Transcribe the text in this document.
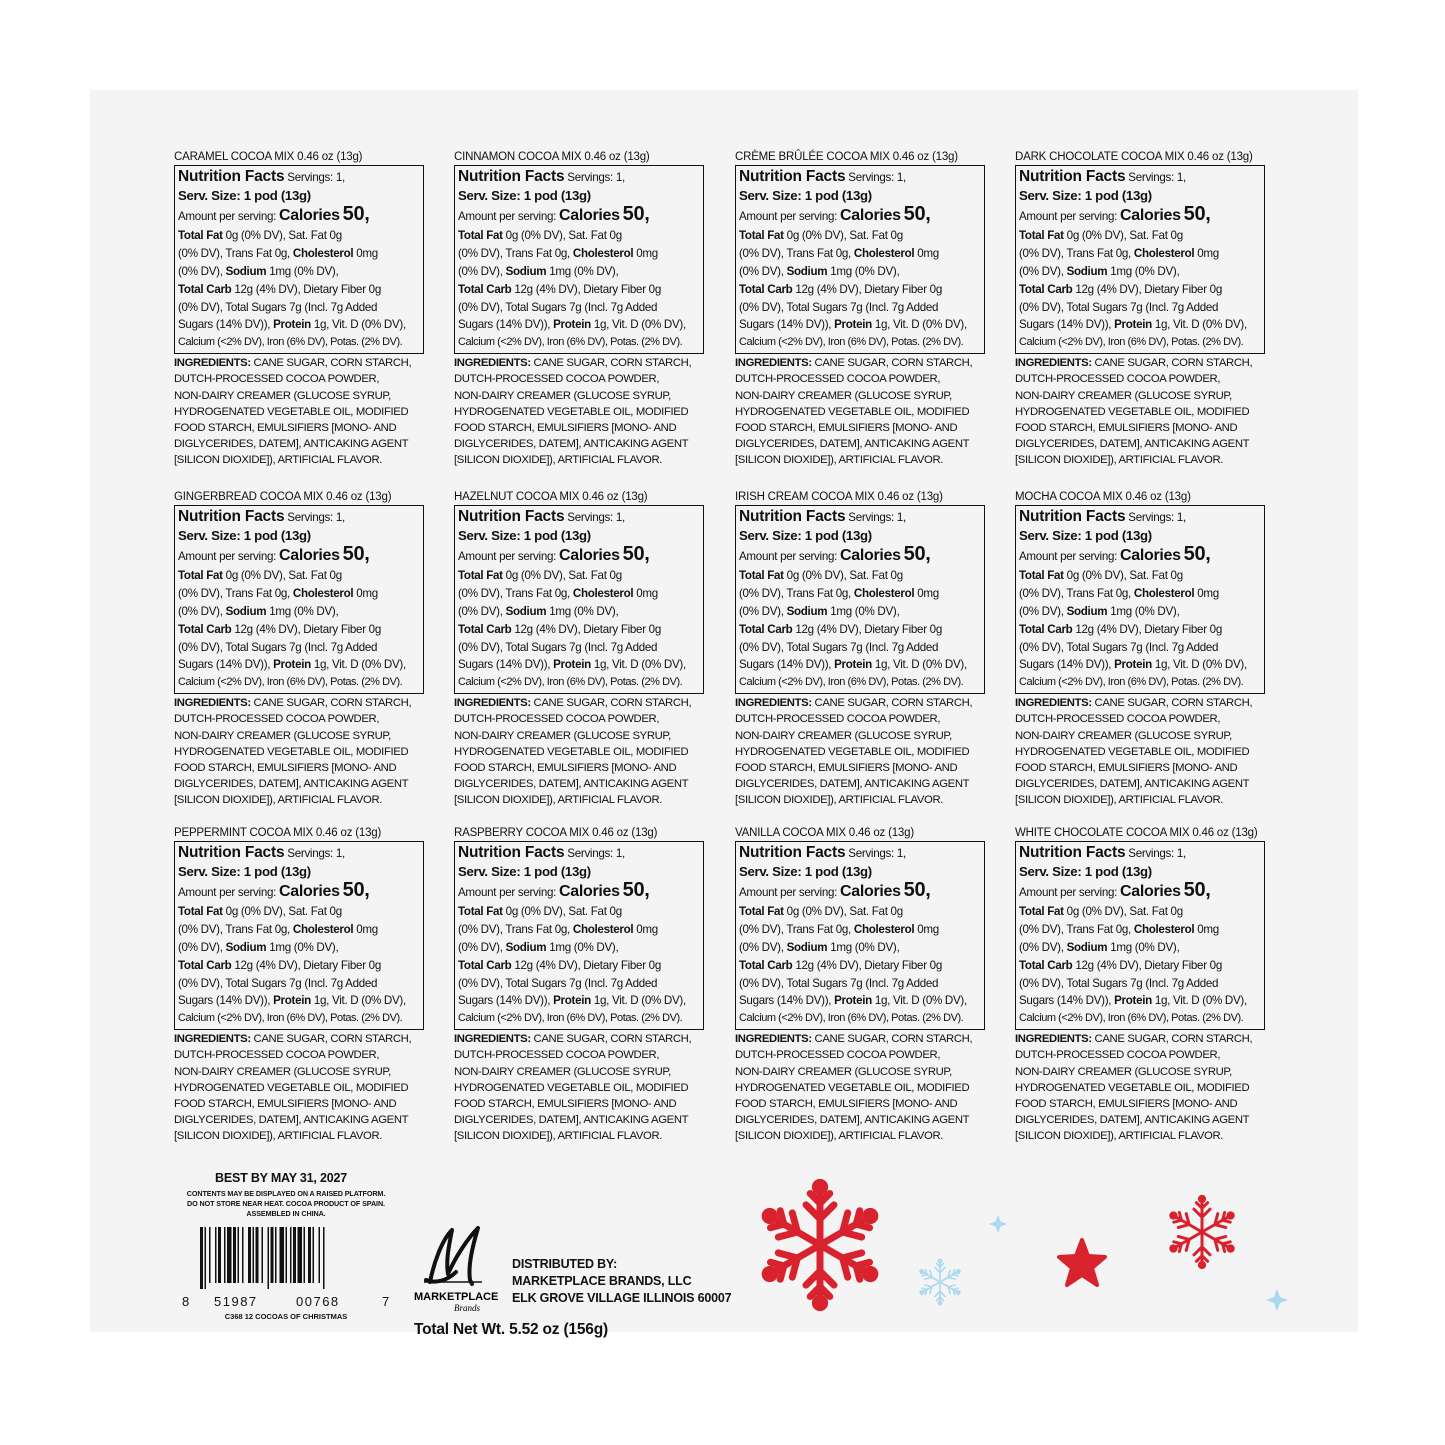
CARAMEL COCOA MIX 0.46 oz (13g)
Nutrition Facts Servings: 1,
Serv. Size: 1 pod (13g)
Amount per serving: Calories 50,
Total Fat 0g (0% DV), Sat. Fat 0g
(0% DV), Trans Fat 0g, Cholesterol 0mg
(0% DV), Sodium 1mg (0% DV),
Total Carb 12g (4% DV), Dietary Fiber 0g
(0% DV), Total Sugars 7g (Incl. 7g Added
Sugars (14% DV)), Protein 1g, Vit. D (0% DV),
Calcium (<2% DV), Iron (6% DV), Potas. (2% DV).
INGREDIENTS: CANE SUGAR, CORN STARCH,
DUTCH-PROCESSED COCOA POWDER,
NON-DAIRY CREAMER (GLUCOSE SYRUP,
HYDROGENATED VEGETABLE OIL, MODIFIED
FOOD STARCH, EMULSIFIERS [MONO- AND
DIGLYCERIDES, DATEM], ANTICAKING AGENT
[SILICON DIOXIDE]), ARTIFICIAL FLAVOR.
CINNAMON COCOA MIX 0.46 oz (13g)
Nutrition Facts Servings: 1,
Serv. Size: 1 pod (13g)
Amount per serving: Calories 50,
Total Fat 0g (0% DV), Sat. Fat 0g
(0% DV), Trans Fat 0g, Cholesterol 0mg
(0% DV), Sodium 1mg (0% DV),
Total Carb 12g (4% DV), Dietary Fiber 0g
(0% DV), Total Sugars 7g (Incl. 7g Added
Sugars (14% DV)), Protein 1g, Vit. D (0% DV),
Calcium (<2% DV), Iron (6% DV), Potas. (2% DV).
INGREDIENTS: CANE SUGAR, CORN STARCH,
DUTCH-PROCESSED COCOA POWDER,
NON-DAIRY CREAMER (GLUCOSE SYRUP,
HYDROGENATED VEGETABLE OIL, MODIFIED
FOOD STARCH, EMULSIFIERS [MONO- AND
DIGLYCERIDES, DATEM], ANTICAKING AGENT
[SILICON DIOXIDE]), ARTIFICIAL FLAVOR.
CRÈME BRÛLÉE COCOA MIX 0.46 oz (13g)
Nutrition Facts Servings: 1,
Serv. Size: 1 pod (13g)
Amount per serving: Calories 50,
Total Fat 0g (0% DV), Sat. Fat 0g
(0% DV), Trans Fat 0g, Cholesterol 0mg
(0% DV), Sodium 1mg (0% DV),
Total Carb 12g (4% DV), Dietary Fiber 0g
(0% DV), Total Sugars 7g (Incl. 7g Added
Sugars (14% DV)), Protein 1g, Vit. D (0% DV),
Calcium (<2% DV), Iron (6% DV), Potas. (2% DV).
INGREDIENTS: CANE SUGAR, CORN STARCH,
DUTCH-PROCESSED COCOA POWDER,
NON-DAIRY CREAMER (GLUCOSE SYRUP,
HYDROGENATED VEGETABLE OIL, MODIFIED
FOOD STARCH, EMULSIFIERS [MONO- AND
DIGLYCERIDES, DATEM], ANTICAKING AGENT
[SILICON DIOXIDE]), ARTIFICIAL FLAVOR.
DARK CHOCOLATE COCOA MIX 0.46 oz (13g)
Nutrition Facts Servings: 1,
Serv. Size: 1 pod (13g)
Amount per serving: Calories 50,
Total Fat 0g (0% DV), Sat. Fat 0g
(0% DV), Trans Fat 0g, Cholesterol 0mg
(0% DV), Sodium 1mg (0% DV),
Total Carb 12g (4% DV), Dietary Fiber 0g
(0% DV), Total Sugars 7g (Incl. 7g Added
Sugars (14% DV)), Protein 1g, Vit. D (0% DV),
Calcium (<2% DV), Iron (6% DV), Potas. (2% DV).
INGREDIENTS: CANE SUGAR, CORN STARCH,
DUTCH-PROCESSED COCOA POWDER,
NON-DAIRY CREAMER (GLUCOSE SYRUP,
HYDROGENATED VEGETABLE OIL, MODIFIED
FOOD STARCH, EMULSIFIERS [MONO- AND
DIGLYCERIDES, DATEM], ANTICAKING AGENT
[SILICON DIOXIDE]), ARTIFICIAL FLAVOR.
GINGERBREAD COCOA MIX 0.46 oz (13g)
Nutrition Facts Servings: 1,
Serv. Size: 1 pod (13g)
Amount per serving: Calories 50,
Total Fat 0g (0% DV), Sat. Fat 0g
(0% DV), Trans Fat 0g, Cholesterol 0mg
(0% DV), Sodium 1mg (0% DV),
Total Carb 12g (4% DV), Dietary Fiber 0g
(0% DV), Total Sugars 7g (Incl. 7g Added
Sugars (14% DV)), Protein 1g, Vit. D (0% DV),
Calcium (<2% DV), Iron (6% DV), Potas. (2% DV).
INGREDIENTS: CANE SUGAR, CORN STARCH,
DUTCH-PROCESSED COCOA POWDER,
NON-DAIRY CREAMER (GLUCOSE SYRUP,
HYDROGENATED VEGETABLE OIL, MODIFIED
FOOD STARCH, EMULSIFIERS [MONO- AND
DIGLYCERIDES, DATEM], ANTICAKING AGENT
[SILICON DIOXIDE]), ARTIFICIAL FLAVOR.
HAZELNUT COCOA MIX 0.46 oz (13g)
Nutrition Facts Servings: 1,
Serv. Size: 1 pod (13g)
Amount per serving: Calories 50,
Total Fat 0g (0% DV), Sat. Fat 0g
(0% DV), Trans Fat 0g, Cholesterol 0mg
(0% DV), Sodium 1mg (0% DV),
Total Carb 12g (4% DV), Dietary Fiber 0g
(0% DV), Total Sugars 7g (Incl. 7g Added
Sugars (14% DV)), Protein 1g, Vit. D (0% DV),
Calcium (<2% DV), Iron (6% DV), Potas. (2% DV).
INGREDIENTS: CANE SUGAR, CORN STARCH,
DUTCH-PROCESSED COCOA POWDER,
NON-DAIRY CREAMER (GLUCOSE SYRUP,
HYDROGENATED VEGETABLE OIL, MODIFIED
FOOD STARCH, EMULSIFIERS [MONO- AND
DIGLYCERIDES, DATEM], ANTICAKING AGENT
[SILICON DIOXIDE]), ARTIFICIAL FLAVOR.
IRISH CREAM COCOA MIX 0.46 oz (13g)
Nutrition Facts Servings: 1,
Serv. Size: 1 pod (13g)
Amount per serving: Calories 50,
Total Fat 0g (0% DV), Sat. Fat 0g
(0% DV), Trans Fat 0g, Cholesterol 0mg
(0% DV), Sodium 1mg (0% DV),
Total Carb 12g (4% DV), Dietary Fiber 0g
(0% DV), Total Sugars 7g (Incl. 7g Added
Sugars (14% DV)), Protein 1g, Vit. D (0% DV),
Calcium (<2% DV), Iron (6% DV), Potas. (2% DV).
INGREDIENTS: CANE SUGAR, CORN STARCH,
DUTCH-PROCESSED COCOA POWDER,
NON-DAIRY CREAMER (GLUCOSE SYRUP,
HYDROGENATED VEGETABLE OIL, MODIFIED
FOOD STARCH, EMULSIFIERS [MONO- AND
DIGLYCERIDES, DATEM], ANTICAKING AGENT
[SILICON DIOXIDE]), ARTIFICIAL FLAVOR.
MOCHA COCOA MIX 0.46 oz (13g)
Nutrition Facts Servings: 1,
Serv. Size: 1 pod (13g)
Amount per serving: Calories 50,
Total Fat 0g (0% DV), Sat. Fat 0g
(0% DV), Trans Fat 0g, Cholesterol 0mg
(0% DV), Sodium 1mg (0% DV),
Total Carb 12g (4% DV), Dietary Fiber 0g
(0% DV), Total Sugars 7g (Incl. 7g Added
Sugars (14% DV)), Protein 1g, Vit. D (0% DV),
Calcium (<2% DV), Iron (6% DV), Potas. (2% DV).
INGREDIENTS: CANE SUGAR, CORN STARCH,
DUTCH-PROCESSED COCOA POWDER,
NON-DAIRY CREAMER (GLUCOSE SYRUP,
HYDROGENATED VEGETABLE OIL, MODIFIED
FOOD STARCH, EMULSIFIERS [MONO- AND
DIGLYCERIDES, DATEM], ANTICAKING AGENT
[SILICON DIOXIDE]), ARTIFICIAL FLAVOR.
PEPPERMINT COCOA MIX 0.46 oz (13g)
Nutrition Facts Servings: 1,
Serv. Size: 1 pod (13g)
Amount per serving: Calories 50,
Total Fat 0g (0% DV), Sat. Fat 0g
(0% DV), Trans Fat 0g, Cholesterol 0mg
(0% DV), Sodium 1mg (0% DV),
Total Carb 12g (4% DV), Dietary Fiber 0g
(0% DV), Total Sugars 7g (Incl. 7g Added
Sugars (14% DV)), Protein 1g, Vit. D (0% DV),
Calcium (<2% DV), Iron (6% DV), Potas. (2% DV).
INGREDIENTS: CANE SUGAR, CORN STARCH,
DUTCH-PROCESSED COCOA POWDER,
NON-DAIRY CREAMER (GLUCOSE SYRUP,
HYDROGENATED VEGETABLE OIL, MODIFIED
FOOD STARCH, EMULSIFIERS [MONO- AND
DIGLYCERIDES, DATEM], ANTICAKING AGENT
[SILICON DIOXIDE]), ARTIFICIAL FLAVOR.
RASPBERRY COCOA MIX 0.46 oz (13g)
Nutrition Facts Servings: 1,
Serv. Size: 1 pod (13g)
Amount per serving: Calories 50,
Total Fat 0g (0% DV), Sat. Fat 0g
(0% DV), Trans Fat 0g, Cholesterol 0mg
(0% DV), Sodium 1mg (0% DV),
Total Carb 12g (4% DV), Dietary Fiber 0g
(0% DV), Total Sugars 7g (Incl. 7g Added
Sugars (14% DV)), Protein 1g, Vit. D (0% DV),
Calcium (<2% DV), Iron (6% DV), Potas. (2% DV).
INGREDIENTS: CANE SUGAR, CORN STARCH,
DUTCH-PROCESSED COCOA POWDER,
NON-DAIRY CREAMER (GLUCOSE SYRUP,
HYDROGENATED VEGETABLE OIL, MODIFIED
FOOD STARCH, EMULSIFIERS [MONO- AND
DIGLYCERIDES, DATEM], ANTICAKING AGENT
[SILICON DIOXIDE]), ARTIFICIAL FLAVOR.
VANILLA COCOA MIX 0.46 oz (13g)
Nutrition Facts Servings: 1,
Serv. Size: 1 pod (13g)
Amount per serving: Calories 50,
Total Fat 0g (0% DV), Sat. Fat 0g
(0% DV), Trans Fat 0g, Cholesterol 0mg
(0% DV), Sodium 1mg (0% DV),
Total Carb 12g (4% DV), Dietary Fiber 0g
(0% DV), Total Sugars 7g (Incl. 7g Added
Sugars (14% DV)), Protein 1g, Vit. D (0% DV),
Calcium (<2% DV), Iron (6% DV), Potas. (2% DV).
INGREDIENTS: CANE SUGAR, CORN STARCH,
DUTCH-PROCESSED COCOA POWDER,
NON-DAIRY CREAMER (GLUCOSE SYRUP,
HYDROGENATED VEGETABLE OIL, MODIFIED
FOOD STARCH, EMULSIFIERS [MONO- AND
DIGLYCERIDES, DATEM], ANTICAKING AGENT
[SILICON DIOXIDE]), ARTIFICIAL FLAVOR.
WHITE CHOCOLATE COCOA MIX 0.46 oz (13g)
Nutrition Facts Servings: 1,
Serv. Size: 1 pod (13g)
Amount per serving: Calories 50,
Total Fat 0g (0% DV), Sat. Fat 0g
(0% DV), Trans Fat 0g, Cholesterol 0mg
(0% DV), Sodium 1mg (0% DV),
Total Carb 12g (4% DV), Dietary Fiber 0g
(0% DV), Total Sugars 7g (Incl. 7g Added
Sugars (14% DV)), Protein 1g, Vit. D (0% DV),
Calcium (<2% DV), Iron (6% DV), Potas. (2% DV).
INGREDIENTS: CANE SUGAR, CORN STARCH,
DUTCH-PROCESSED COCOA POWDER,
NON-DAIRY CREAMER (GLUCOSE SYRUP,
HYDROGENATED VEGETABLE OIL, MODIFIED
FOOD STARCH, EMULSIFIERS [MONO- AND
DIGLYCERIDES, DATEM], ANTICAKING AGENT
[SILICON DIOXIDE]), ARTIFICIAL FLAVOR.
BEST BY MAY 31, 2027
CONTENTS MAY BE DISPLAYED ON A RAISED PLATFORM.
DO NOT STORE NEAR HEAT. COCOA PRODUCT OF SPAIN.
ASSEMBLED IN CHINA.
8 51987	00768	7
C368 12 COCOAS OF CHRISTMAS
MARKETPLACE
Brands
DISTRIBUTED BY:
MARKETPLACE BRANDS, LLC
ELK GROVE VILLAGE ILLINOIS 60007
Total Net Wt. 5.52 oz (156g)
